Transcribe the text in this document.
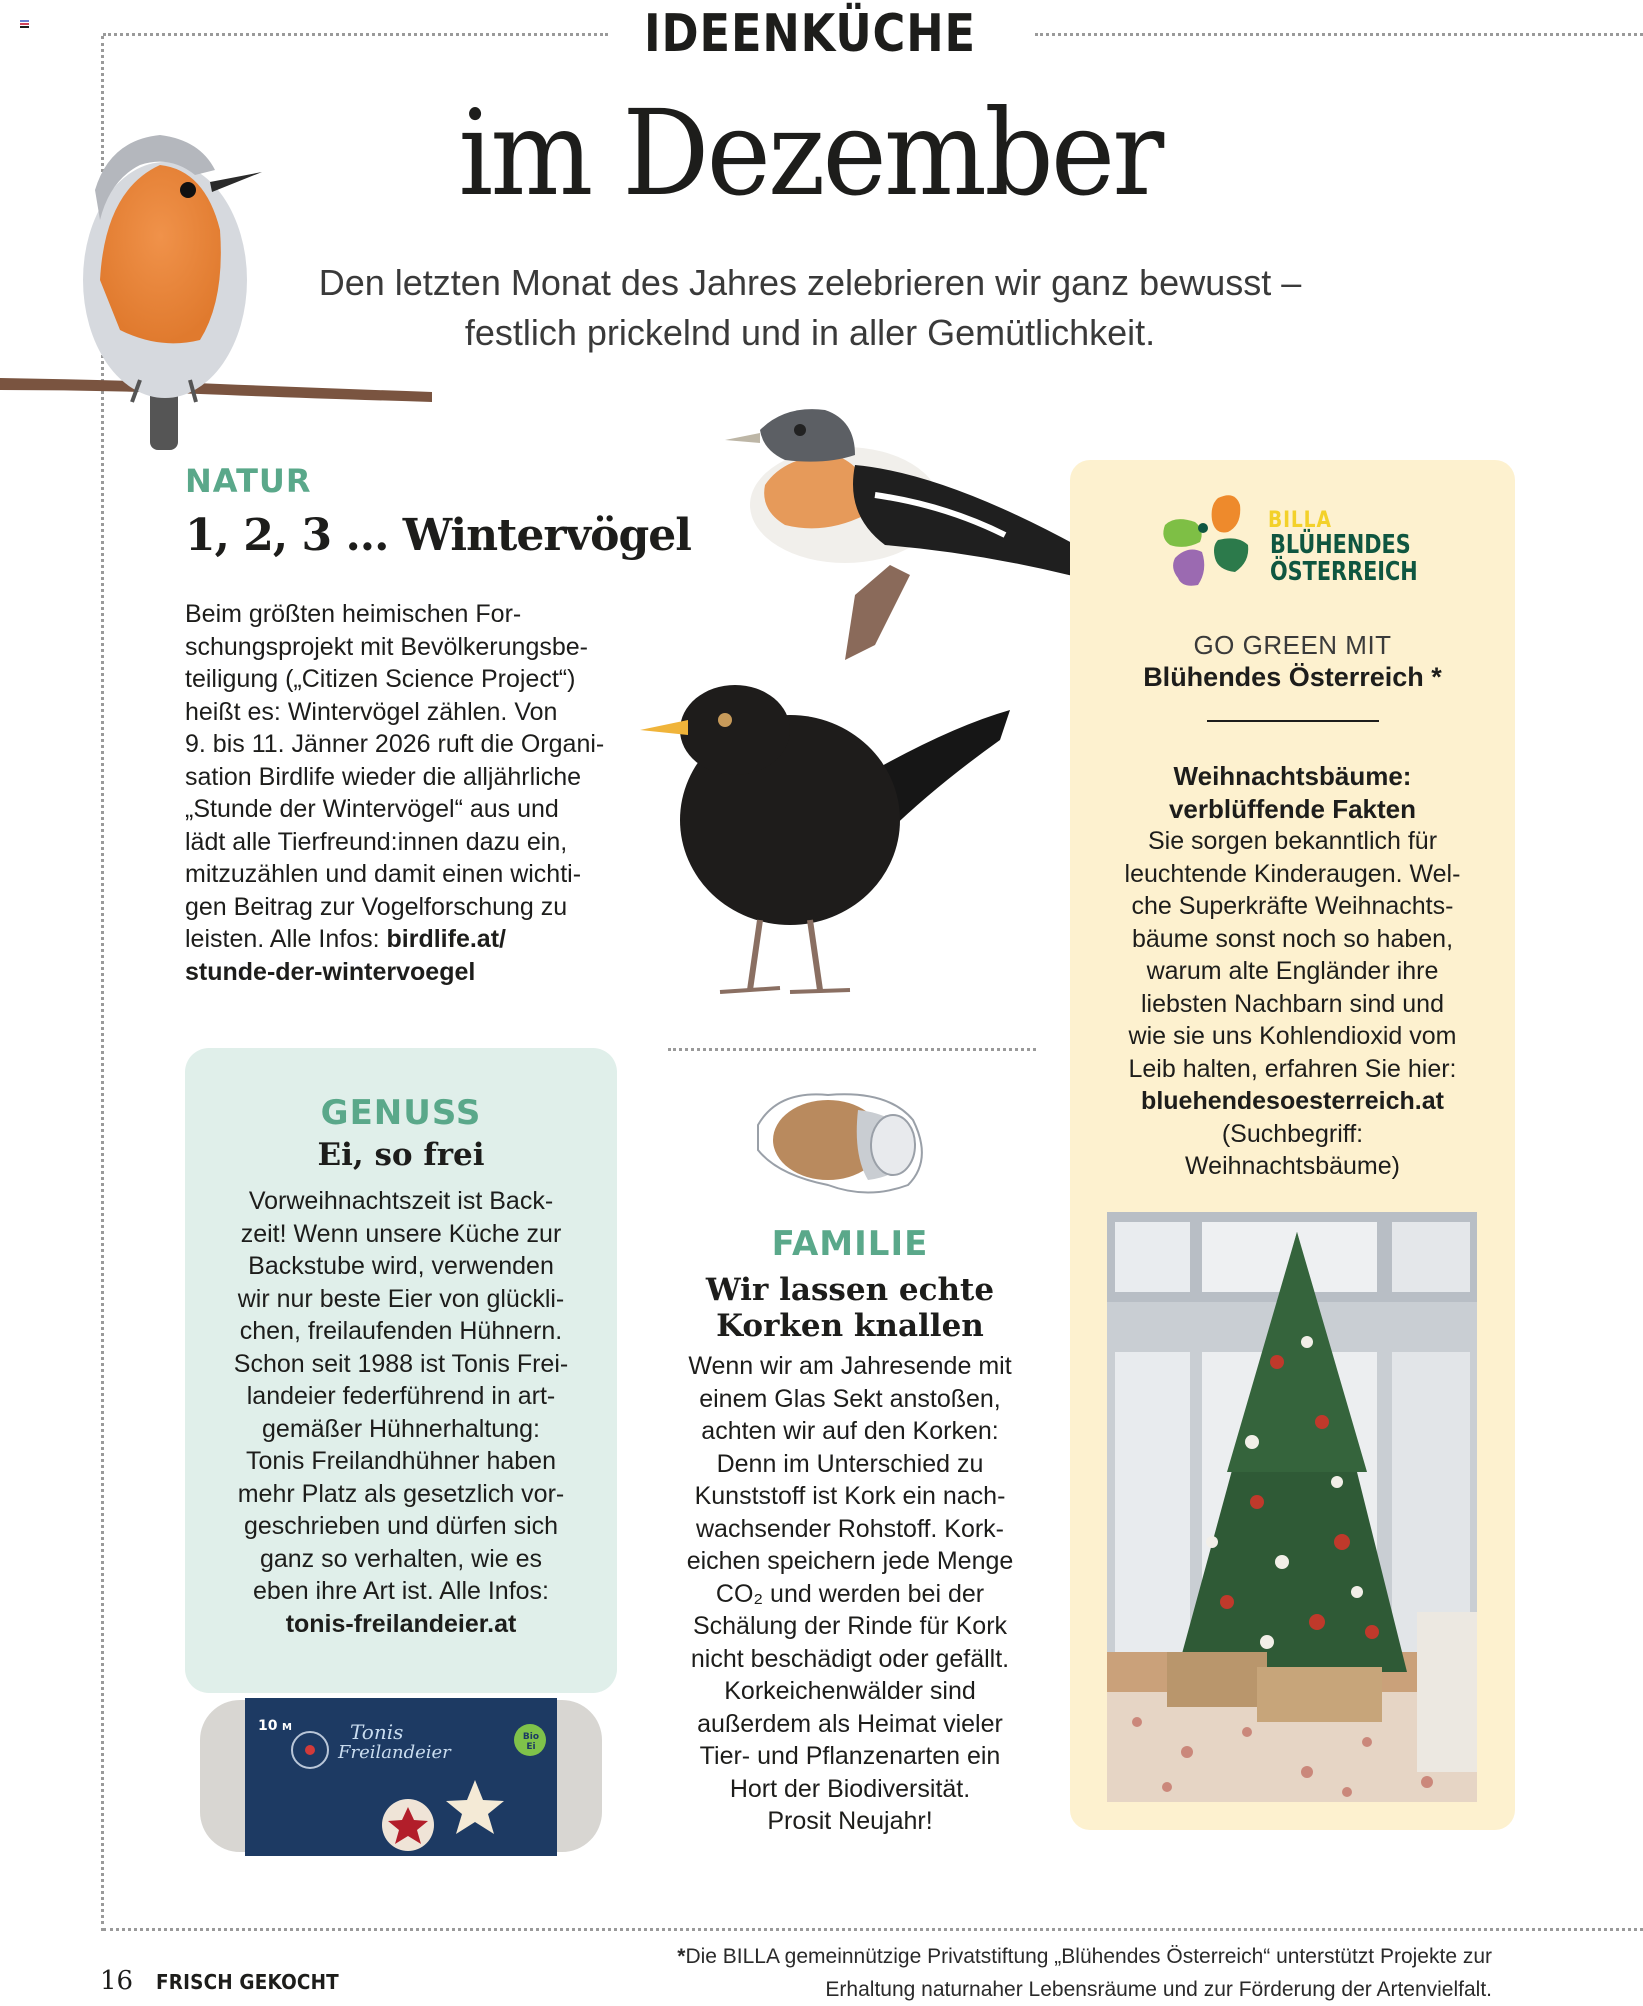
IDEENKÜCHE
im Dezember
Den letzten Monat des Jahres zelebrieren wir ganz bewusst –
festlich prickelnd und in aller Gemütlichkeit.
NATUR
1, 2, 3 ... Wintervögel
Beim größten heimischen For-
schungsprojekt mit Bevölkerungsbe-
teiligung („Citizen Science Project“)
heißt es: Wintervögel zählen. Von
9. bis 11. Jänner 2026 ruft die Organi-
sation Birdlife wieder die alljährliche
„Stunde der Wintervögel“ aus und
lädt alle Tierfreund:innen dazu ein,
mitzuzählen und damit einen wichti-
gen Beitrag zur Vogelforschung zu
leisten. Alle Infos: birdlife.at/
stunde-der-wintervoegel
GENUSS
Ei, so frei
Vorweihnachtszeit ist Back-
zeit! Wenn unsere Küche zur
Backstube wird, verwenden
wir nur beste Eier von glückli-
chen, freilaufenden Hühnern.
Schon seit 1988 ist Tonis Frei-
landeier federführend in art-
gemäßer Hühnerhaltung:
Tonis Freilandhühner haben
mehr Platz als gesetzlich vor-
geschrieben und dürfen sich
ganz so verhalten, wie es
eben ihre Art ist. Alle Infos:
tonis-freilandeier.at
10 M	Tonis
Freilandeier
Bio Ei
FAMILIE
Wir lassen echte
Korken knallen
Wenn wir am Jahresende mit
einem Glas Sekt anstoßen,
achten wir auf den Korken:
Denn im Unterschied zu
Kunststoff ist Kork ein nach-
wachsender Rohstoff. Kork-
eichen speichern jede Menge
CO₂ und werden bei der
Schälung der Rinde für Kork
nicht beschädigt oder gefällt.
Korkeichenwälder sind
außerdem als Heimat vieler
Tier- und Pflanzenarten ein
Hort der Biodiversität.
Prosit Neujahr!
BILLA
BLÜHENDES
ÖSTERREICH
GO GREEN MIT
Blühendes Österreich *
Weihnachtsbäume:
verblüffende Fakten
Sie sorgen bekanntlich für
leuchtende Kinderaugen. Wel-
che Superkräfte Weihnachts-
bäume sonst noch so haben,
warum alte Engländer ihre
liebsten Nachbarn sind und
wie sie uns Kohlendioxid vom
Leib halten, erfahren Sie hier:
bluehendesoesterreich.at
(Suchbegriff:
Weihnachtsbäume)
16 FRISCH GEKOCHT
*Die BILLA gemeinnützige Privatstiftung „Blühendes Österreich“ unterstützt Projekte zur
Erhaltung naturnaher Lebensräume und zur Förderung der Artenvielfalt.
